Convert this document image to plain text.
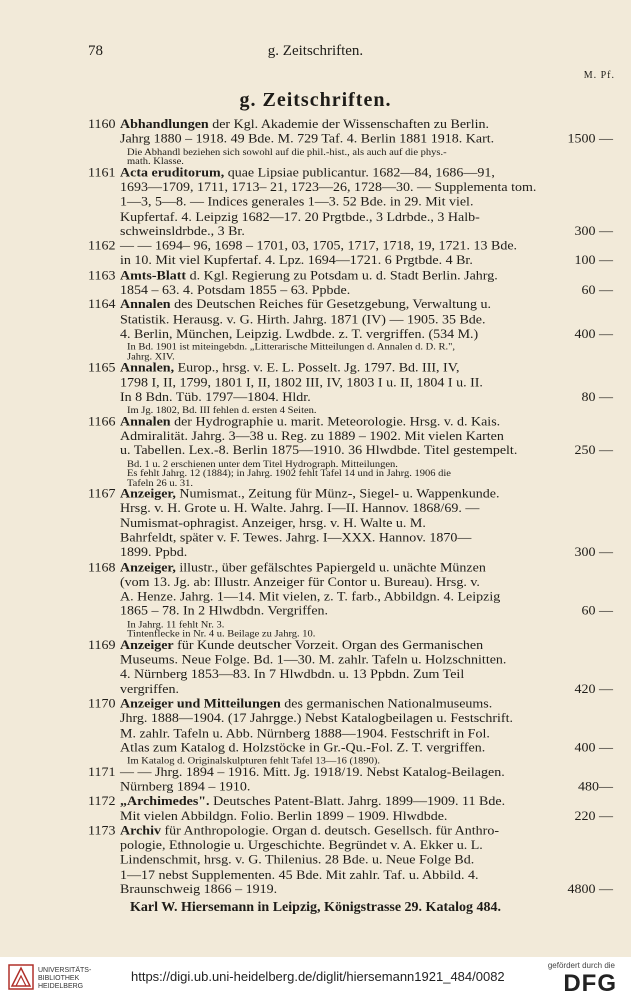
78	g. Zeitschriften.
M. Pf.
g. Zeitschriften.
1160 Abhandlungen der Kgl. Akademie der Wissenschaften zu Berlin.
Jahrg 1880 – 1918. 49 Bde. M. 729 Taf. 4. Berlin 1881 1918. Kart.	1500 —
Die Abhandl beziehen sich sowohl auf die phil.-hist., als auch auf die phys.-
math. Klasse.
1161 Acta eruditorum, quae Lipsiae publicantur. 1682—84, 1686—91,
1693—1709, 1711, 1713– 21, 1723—26, 1728—30. — Supplementa tom.
1—3, 5—8. — Indices generales 1—3. 52 Bde. in 29. Mit viel.
Kupfertaf. 4. Leipzig 1682—17. 20 Prgtbde., 3 Ldrbde., 3 Halb-
schweinsldrbde., 3 Br.	300 —
1162 — — 1694– 96, 1698 – 1701, 03, 1705, 1717, 1718, 19, 1721. 13 Bde.
in 10. Mit viel Kupfertaf. 4. Lpz. 1694—1721. 6 Prgtbde. 4 Br.	100 —
1163 Amts-Blatt d. Kgl. Regierung zu Potsdam u. d. Stadt Berlin. Jahrg.
1854 – 63. 4. Potsdam 1855 – 63. Ppbde.	60 —
1164 Annalen des Deutschen Reiches für Gesetzgebung, Verwaltung u.
Statistik. Herausg. v. G. Hirth. Jahrg. 1871 (IV) — 1905. 35 Bde.
4. Berlin, München, Leipzig. Lwdbde. z. T. vergriffen. (534 M.)	400 —
In Bd. 1901 ist miteingebdn. „Litterarische Mitteilungen d. Annalen d. D. R.",
Jahrg. XIV.
1165 Annalen, Europ., hrsg. v. E. L. Posselt. Jg. 1797. Bd. III, IV,
1798 I, II, 1799, 1801 I, II, 1802 III, IV, 1803 I u. II, 1804 I u. II.
In 8 Bdn. Tüb. 1797—1804. Hldr.	80 —
Im Jg. 1802, Bd. III fehlen d. ersten 4 Seiten.
1166 Annalen der Hydrographie u. marit. Meteorologie. Hrsg. v. d. Kais.
Admiralität. Jahrg. 3—38 u. Reg. zu 1889 – 1902. Mit vielen Karten
u. Tabellen. Lex.-8. Berlin 1875—1910. 36 Hlwdbde. Titel gestempelt.	250 —
Bd. 1 u. 2 erschienen unter dem Titel Hydrograph. Mitteilungen.
Es fehlt Jahrg. 12 (1884); in Jahrg. 1902 fehlt Tafel 14 und in Jahrg. 1906 die
Tafeln 26 u. 31.
1167 Anzeiger, Numismat., Zeitung für Münz-, Siegel- u. Wappenkunde.
Hrsg. v. H. Grote u. H. Walte. Jahrg. I—II. Hannov. 1868/69. —
Numismat-ophragist. Anzeiger, hrsg. v. H. Walte u. M.
Bahrfeldt, später v. F. Tewes. Jahrg. I—XXX. Hannov. 1870—
1899. Ppbd.	300 —
1168 Anzeiger, illustr., über gefälschtes Papiergeld u. unächte Münzen
(vom 13. Jg. ab: Illustr. Anzeiger für Contor u. Bureau). Hrsg. v.
A. Henze. Jahrg. 1—14. Mit vielen, z. T. farb., Abbildgn. 4. Leipzig
1865 – 78. In 2 Hlwdbdn. Vergriffen.	60 —
In Jahrg. 11 fehlt Nr. 3.
Tintenflecke in Nr. 4 u. Beilage zu Jahrg. 10.
1169 Anzeiger für Kunde deutscher Vorzeit. Organ des Germanischen
Museums. Neue Folge. Bd. 1—30. M. zahlr. Tafeln u. Holzschnitten.
4. Nürnberg 1853—83. In 7 Hlwdbdn. u. 13 Ppbdn. Zum Teil
vergriffen.	420 —
1170 Anzeiger und Mitteilungen des germanischen Nationalmuseums.
Jhrg. 1888—1904. (17 Jahrgge.) Nebst Katalogbeilagen u. Festschrift.
M. zahlr. Tafeln u. Abb. Nürnberg 1888—1904. Festschrift in Fol.
Atlas zum Katalog d. Holzstöcke in Gr.-Qu.-Fol. Z. T. vergriffen.	400 —
Im Katalog d. Originalskulpturen fehlt Tafel 13—16 (1890).
1171 — — Jhrg. 1894 – 1916. Mitt. Jg. 1918/19. Nebst Katalog-Beilagen.
Nürnberg 1894 – 1910.	480—
1172 „Archimedes". Deutsches Patent-Blatt. Jahrg. 1899—1909. 11 Bde.
Mit vielen Abbildgn. Folio. Berlin 1899 – 1909. Hlwdbde.	220 —
1173 Archiv für Anthropologie. Organ d. deutsch. Gesellsch. für Anthro-
pologie, Ethnologie u. Urgeschichte. Begründet v. A. Ekker u. L.
Lindenschmit, hrsg. v. G. Thilenius. 28 Bde. u. Neue Folge Bd.
1—17 nebst Supplementen. 45 Bde. Mit zahlr. Taf. u. Abbild. 4.
Braunschweig 1866 – 1919.	4800 —
Karl W. Hiersemann in Leipzig, Königstrasse 29. Katalog 484.
UNIVERSITÄTS-
BIBLIOTHEK
HEIDELBERG
https://digi.ub.uni-heidelberg.de/diglit/hiersemann1921_484/0082
gefördert durch die
DFG
